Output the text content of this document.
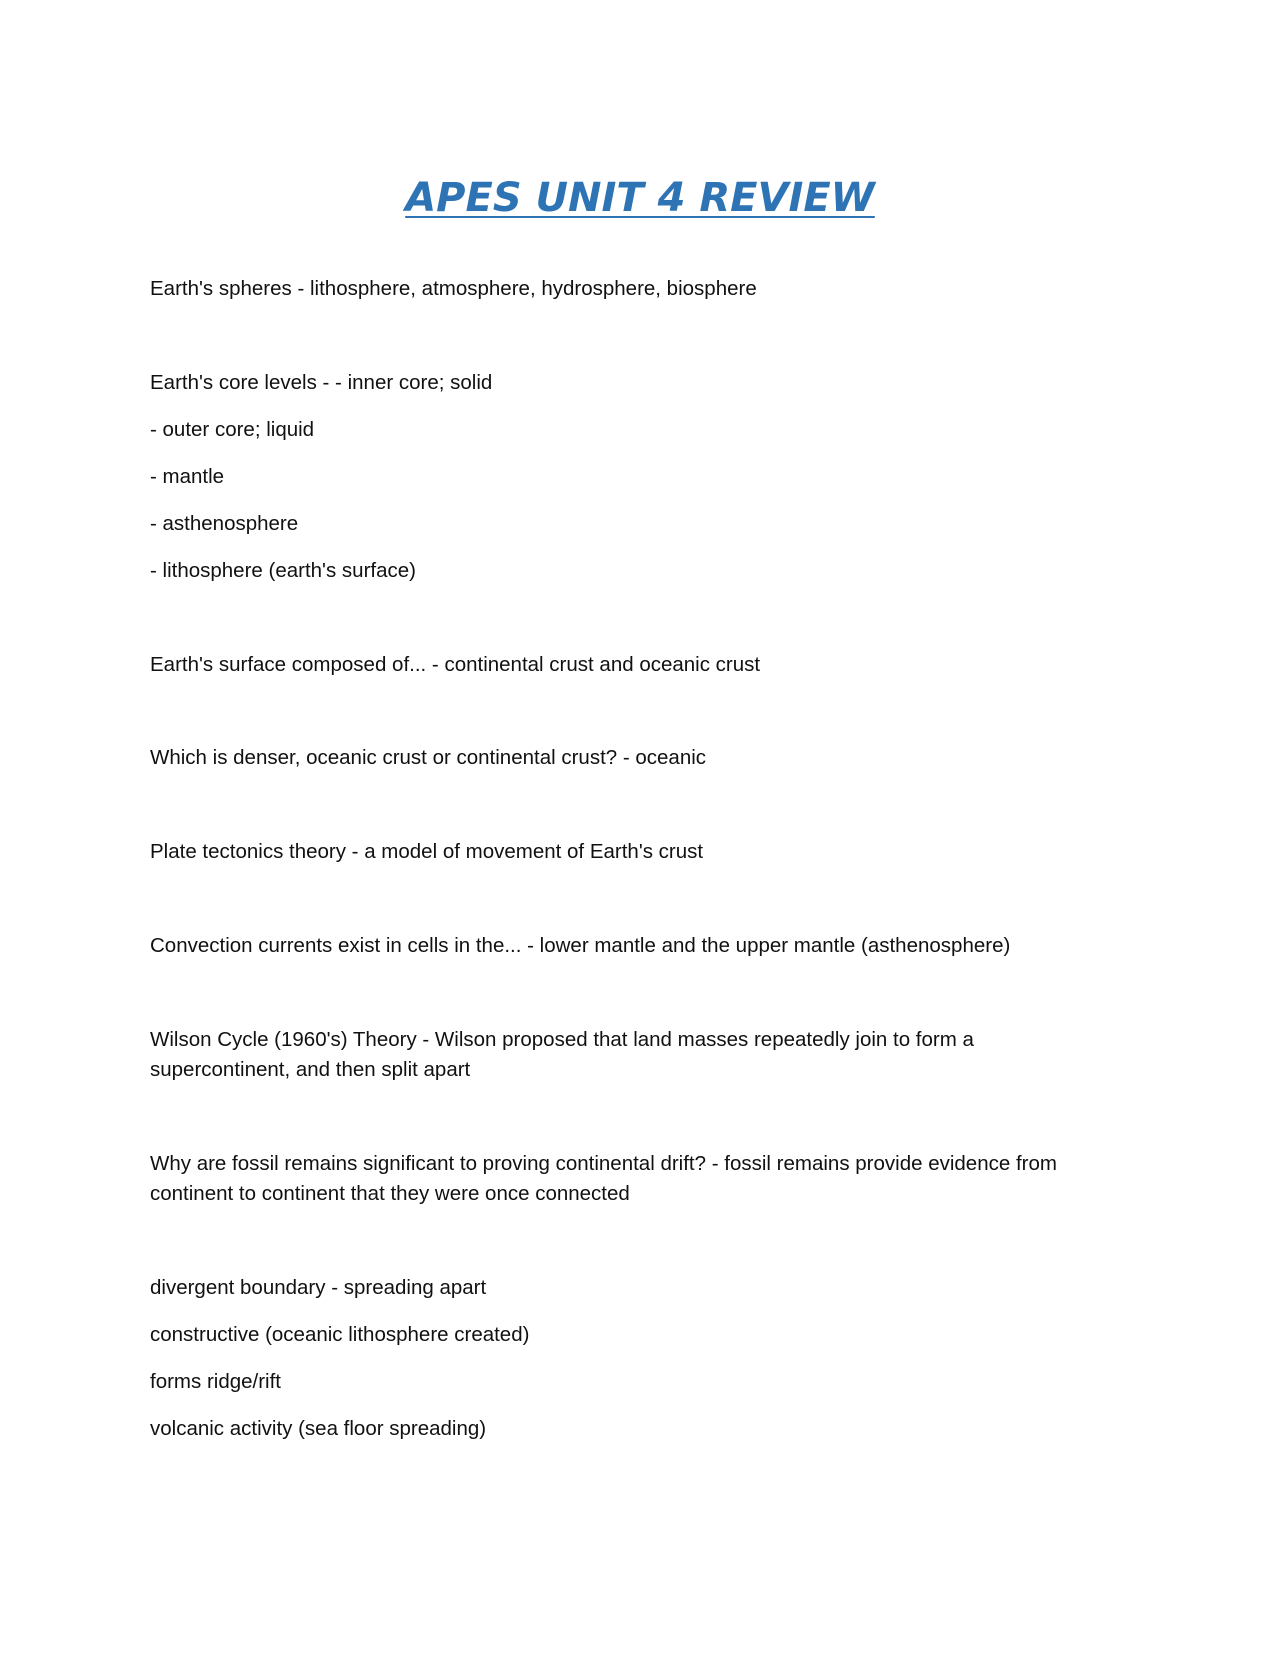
APES UNIT 4 REVIEW

Earth's spheres - lithosphere, atmosphere, hydrosphere, biosphere

Earth's core levels - - inner core; solid

- outer core; liquid

- mantle

- asthenosphere

- lithosphere (earth's surface)

Earth's surface composed of... - continental crust and oceanic crust

Which is denser, oceanic crust or continental crust? - oceanic

Plate tectonics theory - a model of movement of Earth's crust

Convection currents exist in cells in the... - lower mantle and the upper mantle (asthenosphere)

Wilson Cycle (1960's) Theory - Wilson proposed that land masses repeatedly join to form a supercontinent, and then split apart

Why are fossil remains significant to proving continental drift? - fossil remains provide evidence from continent to continent that they were once connected

divergent boundary - spreading apart

constructive (oceanic lithosphere created)

forms ridge/rift

volcanic activity (sea floor spreading)
